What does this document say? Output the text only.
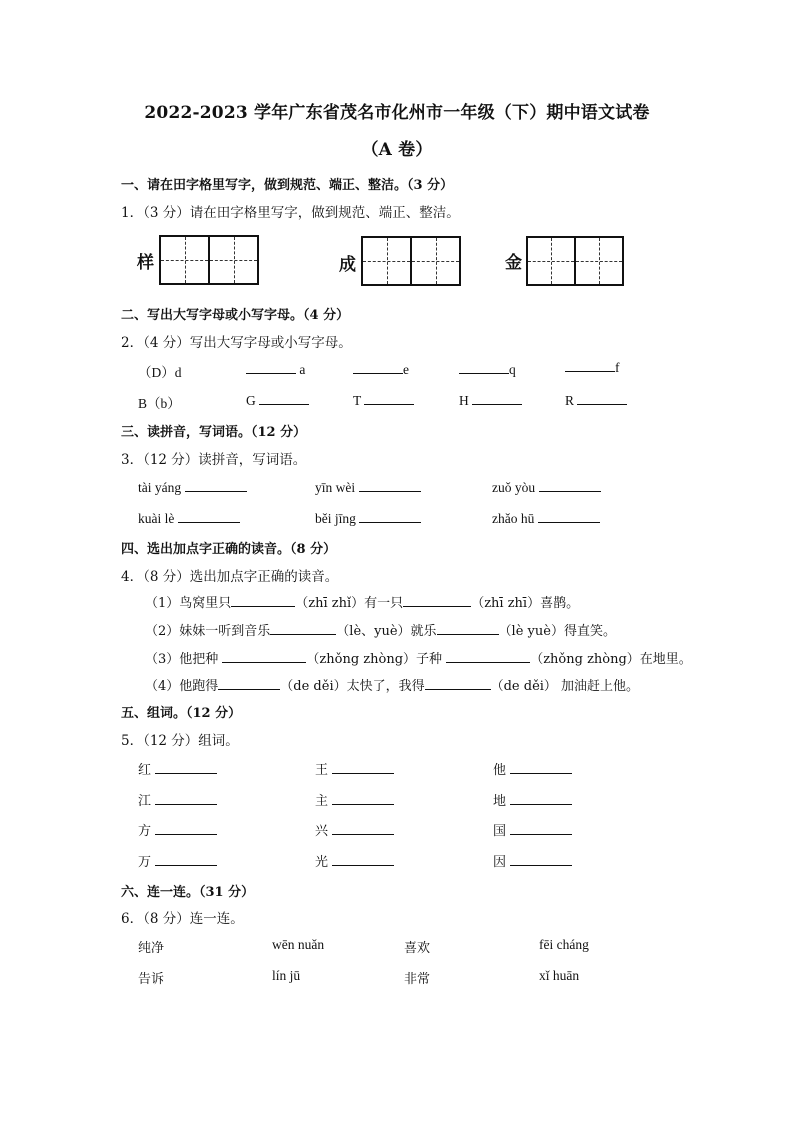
2022-2023 学年广东省茂名市化州市一年级（下）期中语文试卷
（A 卷）
一、请在田字格里写字，做到规范、端正、整洁。（3 分）
1．（3 分）请在田字格里写字，做到规范、端正、整洁。
样	成	金
二、写出大写字母或小写字母。（4 分）
2．（4 分）写出大写字母或小写字母。
（D）d	a	e	q	f
B（b）	G	T	H	R
三、读拼音，写词语。（12 分）
3．（12 分）读拼音，写词语。
tài yáng	yīn wèi	zuǒ yòu
kuài lè	běi jīng	zhǎo hū
四、选出加点字正确的读音。（8 分）
4．（8 分）选出加点字正确的读音。
（1）鸟窝里只	（zhī zhǐ）有一只	（zhī zhī）喜鹊。
（2）妹妹一听到音乐	（lè、yuè）就乐	（lè yuè）得直笑。
（3）他把种	（zhǒng zhòng）子种	（zhǒng zhòng）在地里。
（4）他跑得	（de děi）太快了，我得	（de děi） 加油赶上他。
五、组词。（12 分）
5．（12 分）组词。
红	王	他
江	主	地
方	兴	国
万	光	因
六、连一连。（31 分）
6．（8 分）连一连。
纯净	wēn nuǎn	喜欢	fēi cháng
告诉	lín jū	非常	xǐ huān
